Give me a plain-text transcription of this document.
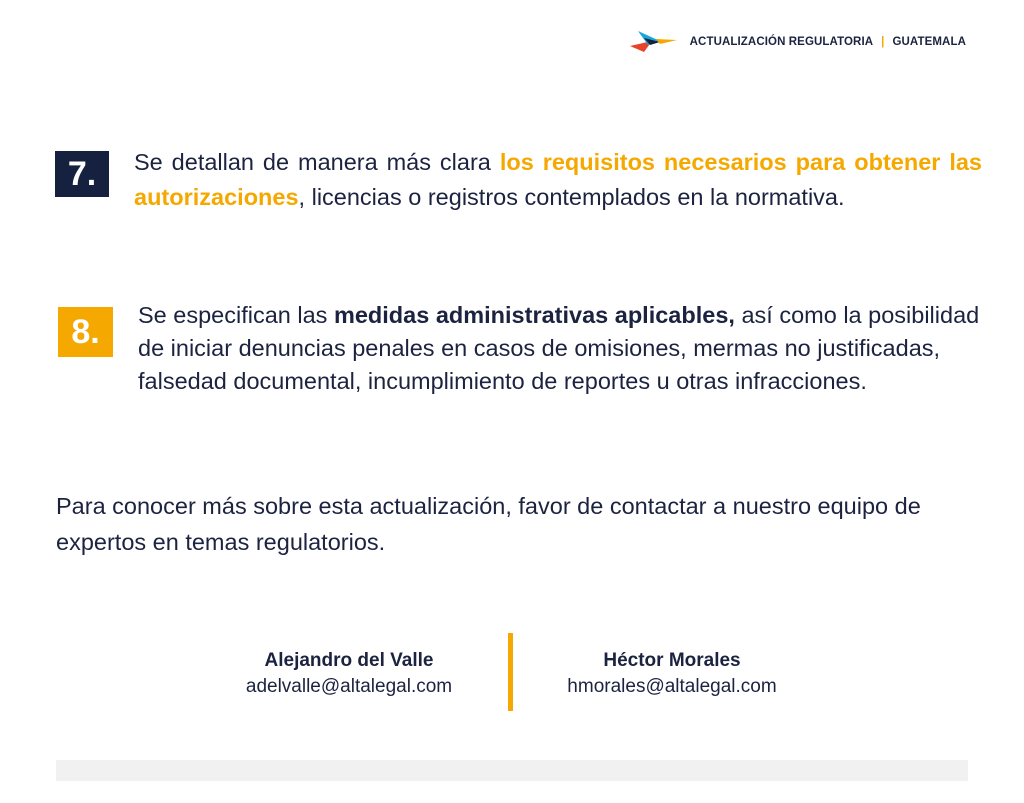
ACTUALIZACIÓN REGULATORIA | GUATEMALA
7.	Se detallan de manera más clara los requisitos necesarios para obtener las autorizaciones, licencias o registros contemplados en la normativa.
8.	Se especifican las medidas administrativas aplicables, así como la posibilidad de iniciar denuncias penales en casos de omisiones, mermas no justificadas, falsedad documental, incumplimiento de reportes u otras infracciones.
Para conocer más sobre esta actualización, favor de contactar a nuestro equipo de expertos en temas regulatorios.
Alejandro del Valle
adelvalle@altalegal.com
Héctor Morales
hmorales@altalegal.com
